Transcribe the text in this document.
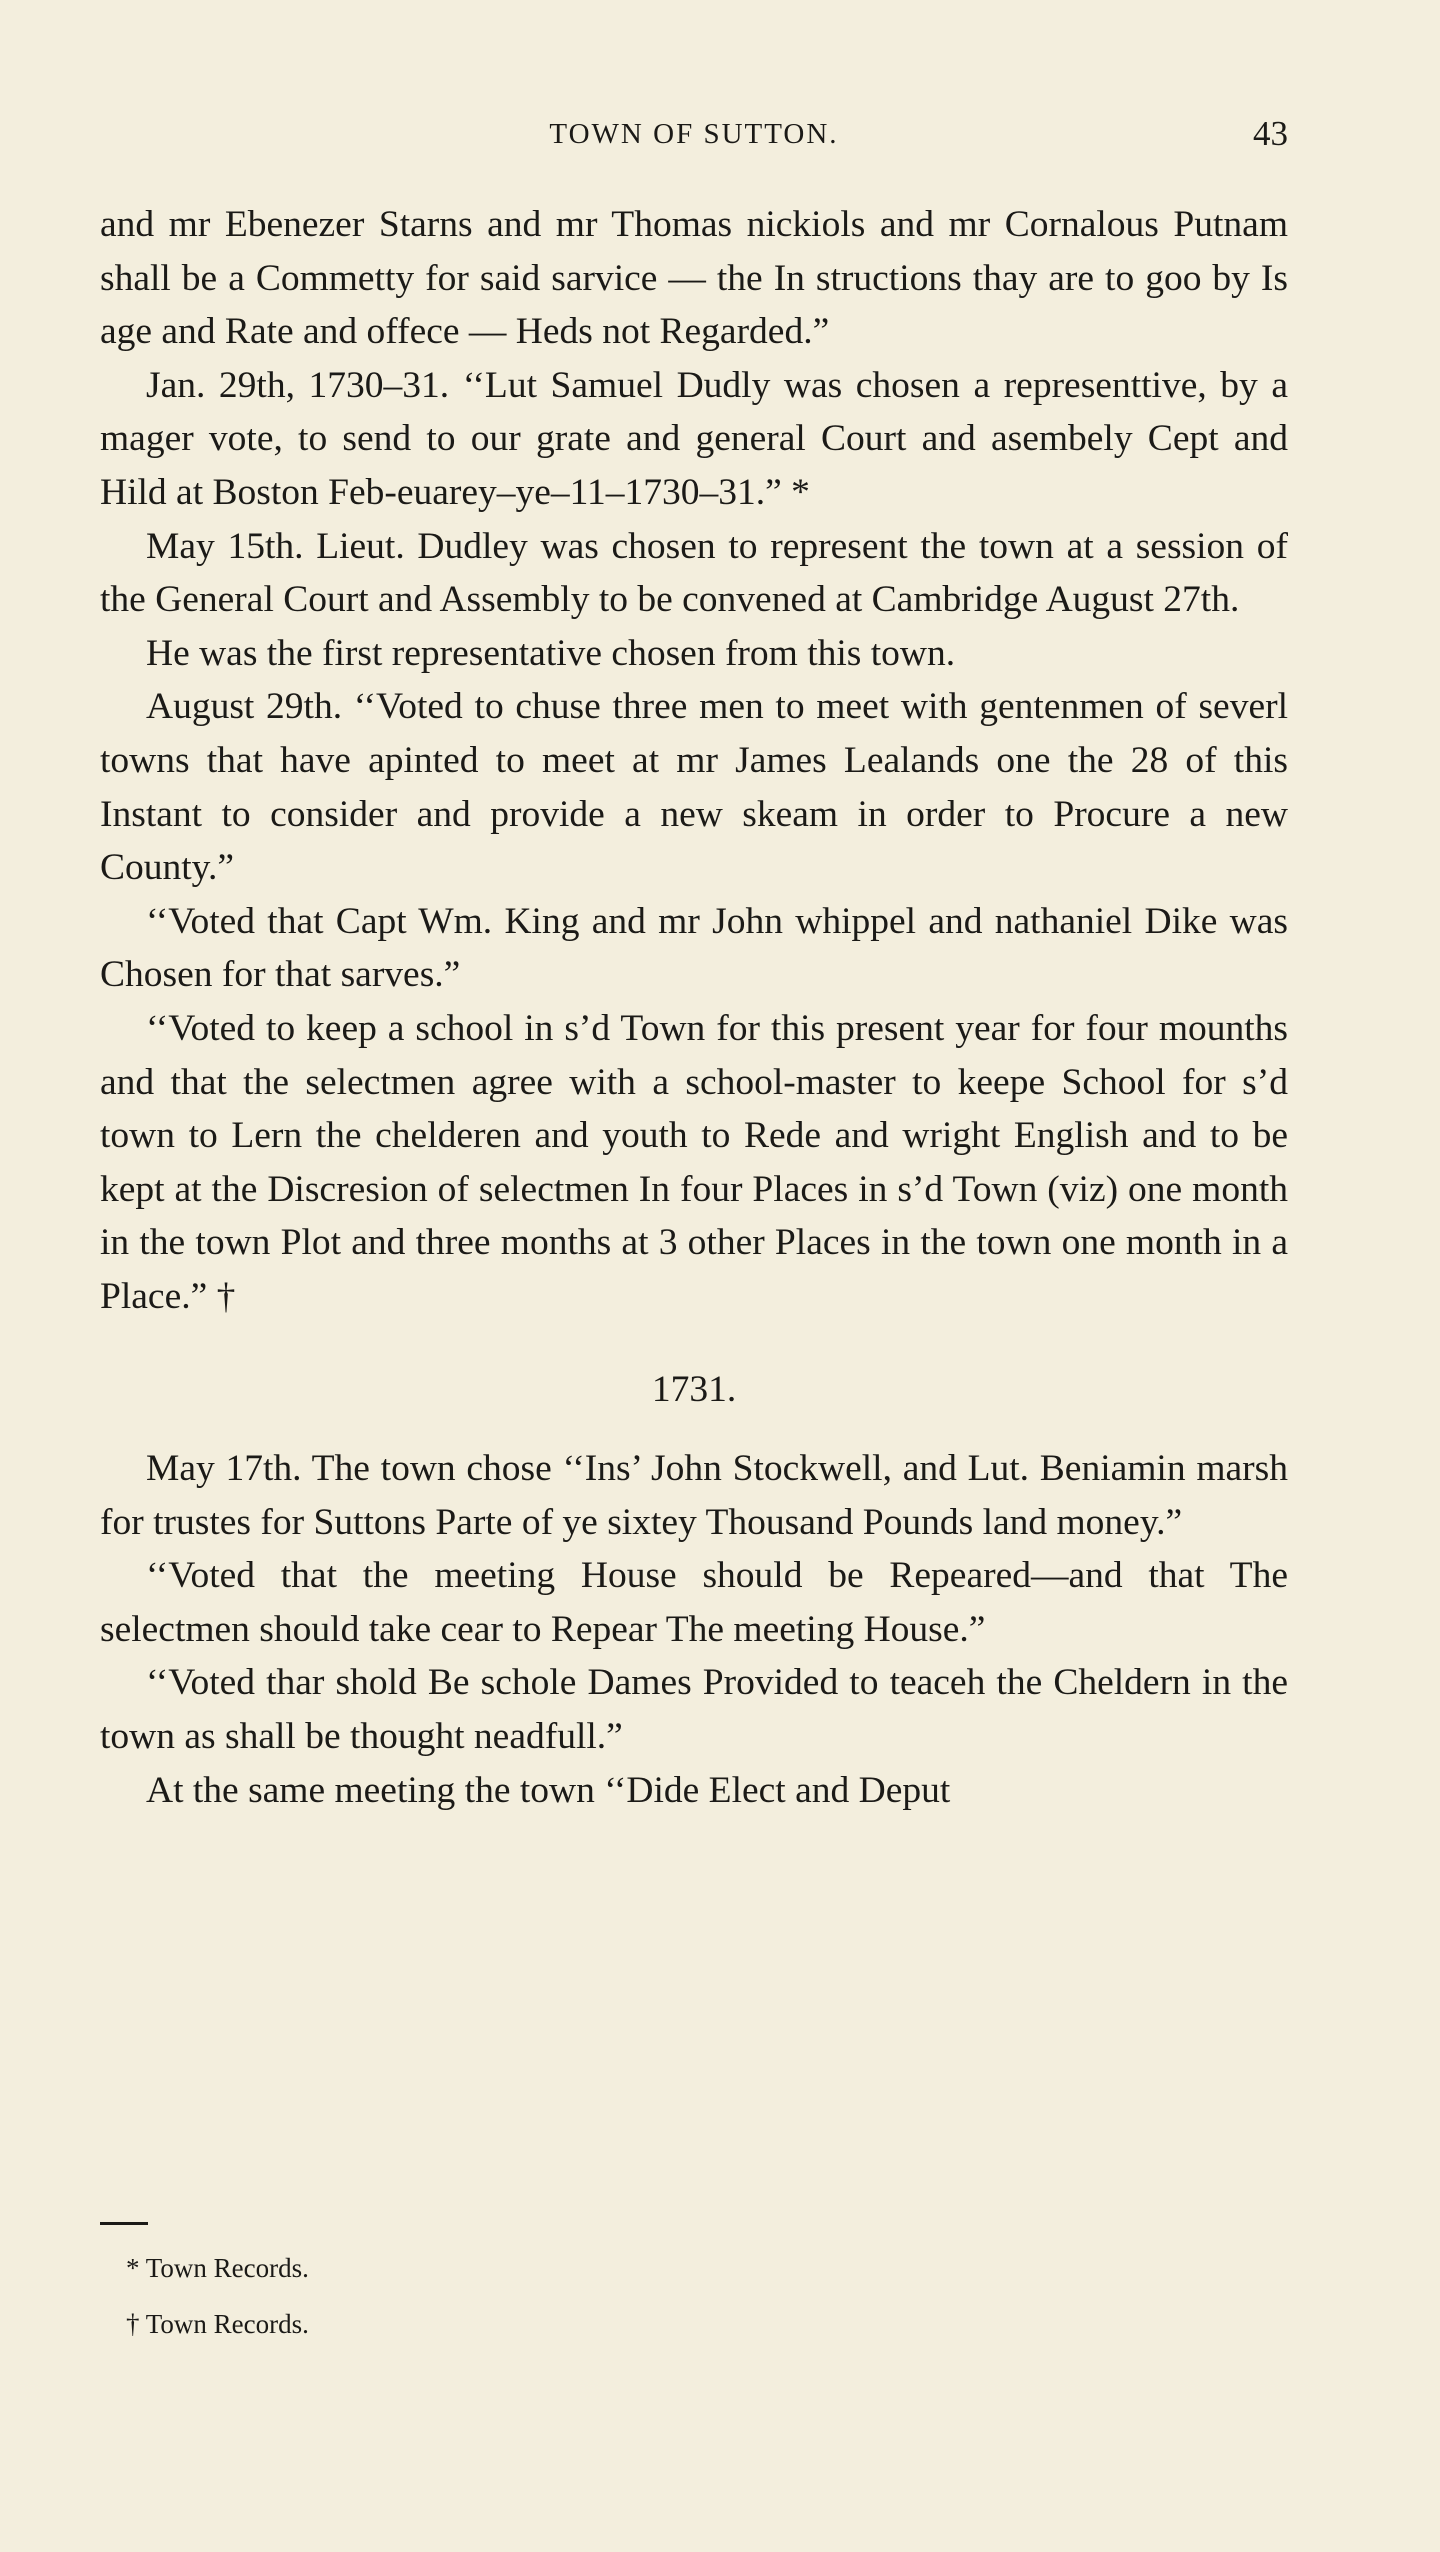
TOWN OF SUTTON.	43

and mr Ebenezer Starns and mr Thomas nickiols and mr Cornalous Putnam shall be a Commetty for said sarvice — the In structions thay are to goo by Is age and Rate and offece — Heds not Regarded.”

Jan. 29th, 1730–31. ‘‘Lut Samuel Dudly was chosen a representtive, by a mager vote, to send to our grate and general Court and asembely Cept and Hild at Boston Feb-euarey–ye–11–1730–31.” *

May 15th. Lieut. Dudley was chosen to represent the town at a session of the General Court and Assembly to be convened at Cambridge August 27th.

He was the first representative chosen from this town.

August 29th. ‘‘Voted to chuse three men to meet with gentenmen of severl towns that have apinted to meet at mr James Lealands one the 28 of this Instant to consider and provide a new skeam in order to Procure a new County.”

‘‘Voted that Capt Wm. King and mr John whippel and nathaniel Dike was Chosen for that sarves.”

‘‘Voted to keep a school in s’d Town for this present year for four mounths and that the selectmen agree with a school-master to keepe School for s’d town to Lern the chelderen and youth to Rede and wright English and to be kept at the Discresion of selectmen In four Places in s’d Town (viz) one month in the town Plot and three months at 3 other Places in the town one month in a Place.” †

1731.

May 17th. The town chose ‘‘Ins’ John Stockwell, and Lut. Beniamin marsh for trustes for Suttons Parte of ye sixtey Thousand Pounds land money.”

‘‘Voted that the meeting House should be Repeared—and that The selectmen should take cear to Repear The meeting House.”

‘‘Voted thar shold Be schole Dames Provided to teaceh the Cheldern in the town as shall be thought neadfull.”

At the same meeting the town ‘‘Dide Elect and Deput

* Town Records.
† Town Records.
